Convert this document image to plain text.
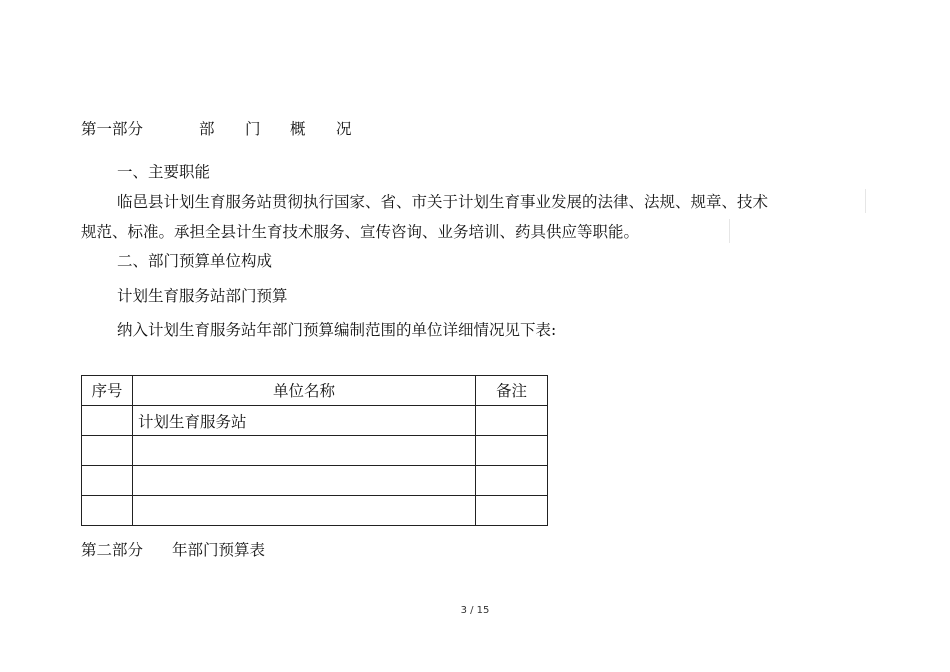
第一部分	部 门 概 况
一、主要职能
临邑县计划生育服务站贯彻执行国家、省、市关于计划生育事业发展的法律、法规、规章、技术
规范、标准。承担全县计生育技术服务、宣传咨询、业务培训、药具供应等职能。
二、部门预算单位构成
计划生育服务站部门预算
纳入计划生育服务站年部门预算编制范围的单位详细情况见下表:
序号	单位名称	备注
	计划生育服务站	

第二部分 年部门预算表
3 / 15
